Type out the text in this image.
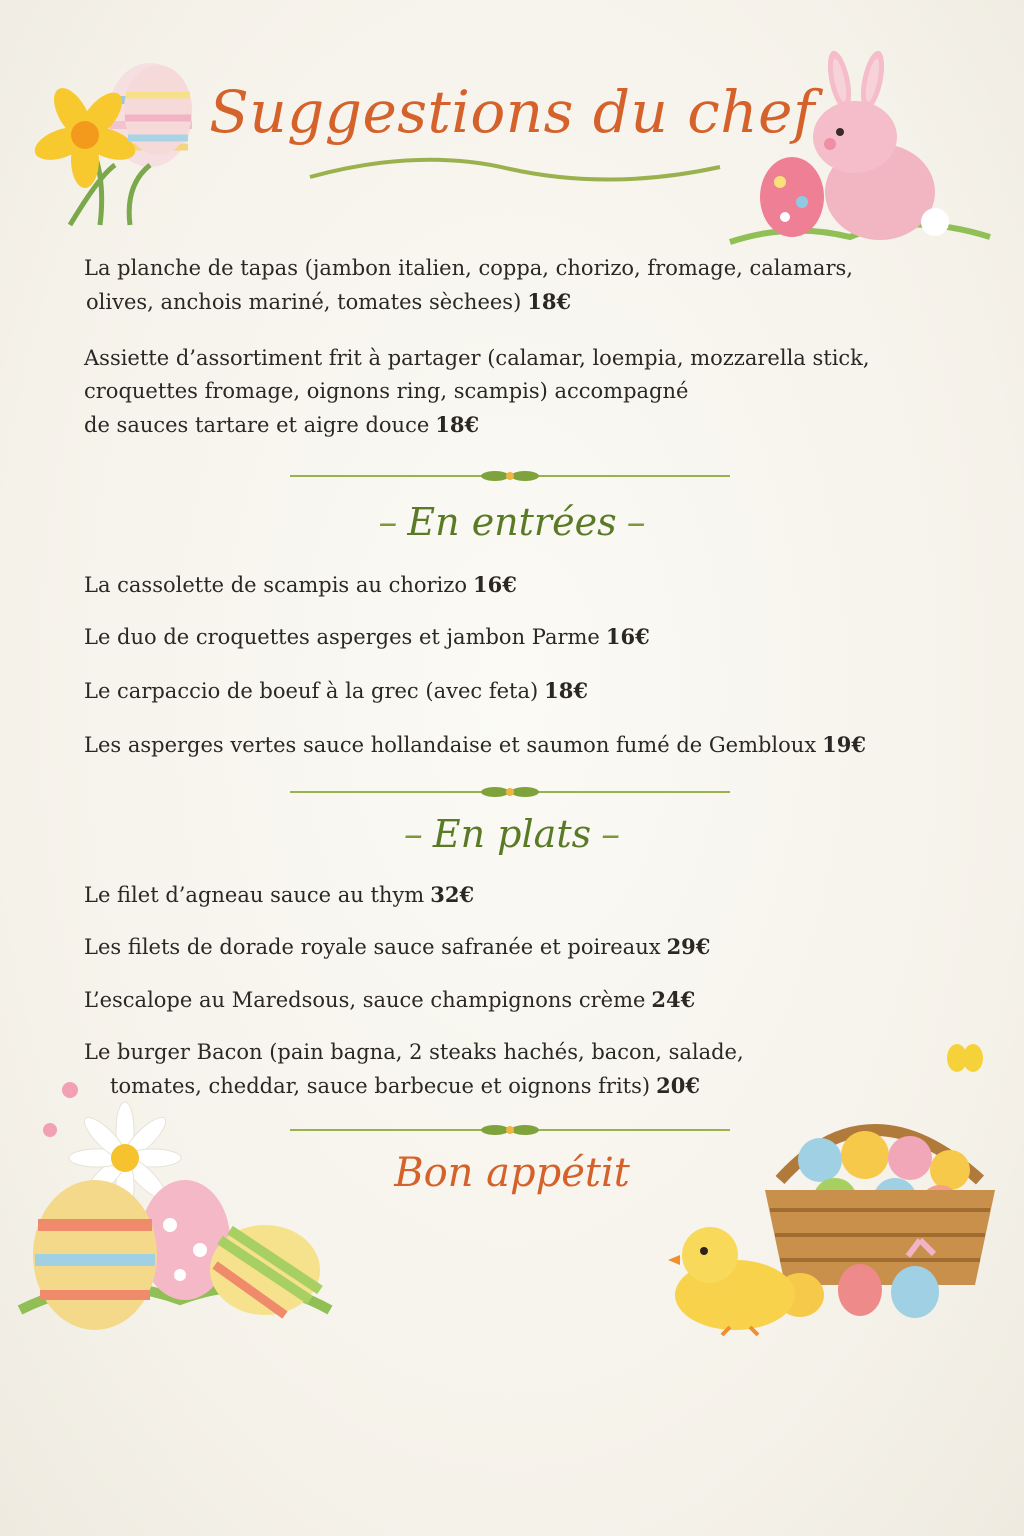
Suggestions du chef
La planche de tapas (jambon italien, coppa, chorizo, fromage, calamars,
olives, anchois mariné, tomates sèchees) 18€
Assiette d’assortiment frit à partager (calamar, loempia, mozzarella stick,
croquettes fromage, oignons ring, scampis) accompagné
de sauces tartare et aigre douce 18€
– En entrées –
La cassolette de scampis au chorizo 16€
Le duo de croquettes asperges et jambon Parme 16€
Le carpaccio de boeuf à la grec (avec feta) 18€
Les asperges vertes sauce hollandaise et saumon fumé de Gembloux 19€
– En plats –
Le filet d’agneau sauce au thym 32€
Les filets de dorade royale sauce safranée et poireaux 29€
L’escalope au Maredsous, sauce champignons crème 24€
Le burger Bacon (pain bagna, 2 steaks hachés, bacon, salade,
tomates, cheddar, sauce barbecue et oignons frits) 20€
Bon appétit
